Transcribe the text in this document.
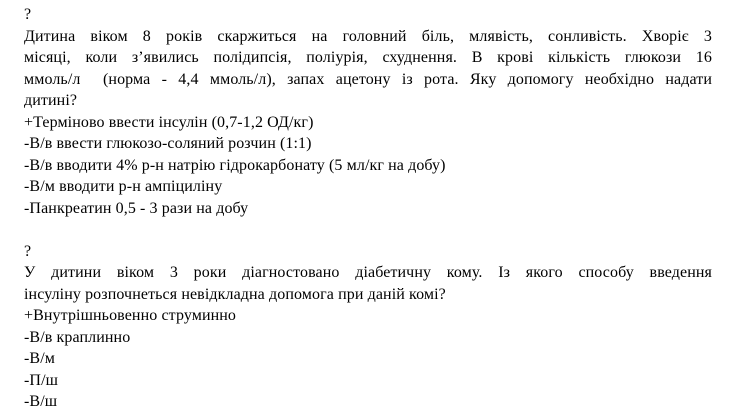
?
Дитина віком 8 років скаржиться на головний біль, млявість, сонливість. Хворіє 3
місяці, коли з’явились полідипсія, поліурія, схуднення. В крові кількість глюкози 16
ммоль/л  (норма - 4,4 ммоль/л), запах ацетону із рота. Яку допомогу необхідно надати
дитині?
+Терміново ввести інсулін (0,7-1,2 ОД/кг)
-В/в ввести глюкозо-соляний розчин (1:1)
-В/в вводити 4% р-н натрію гідрокарбонату (5 мл/кг на добу)
-В/м вводити р-н ампіциліну
-Панкреатин 0,5 - 3 рази на добу
?
У дитини віком 3 роки діагностовано діабетичну кому. Із якого способу введення
інсуліну розпочнеться невідкладна допомога при даній комі?
+Внутрішньовенно струминно
-В/в краплинно
-В/м
-П/ш
-В/ш
